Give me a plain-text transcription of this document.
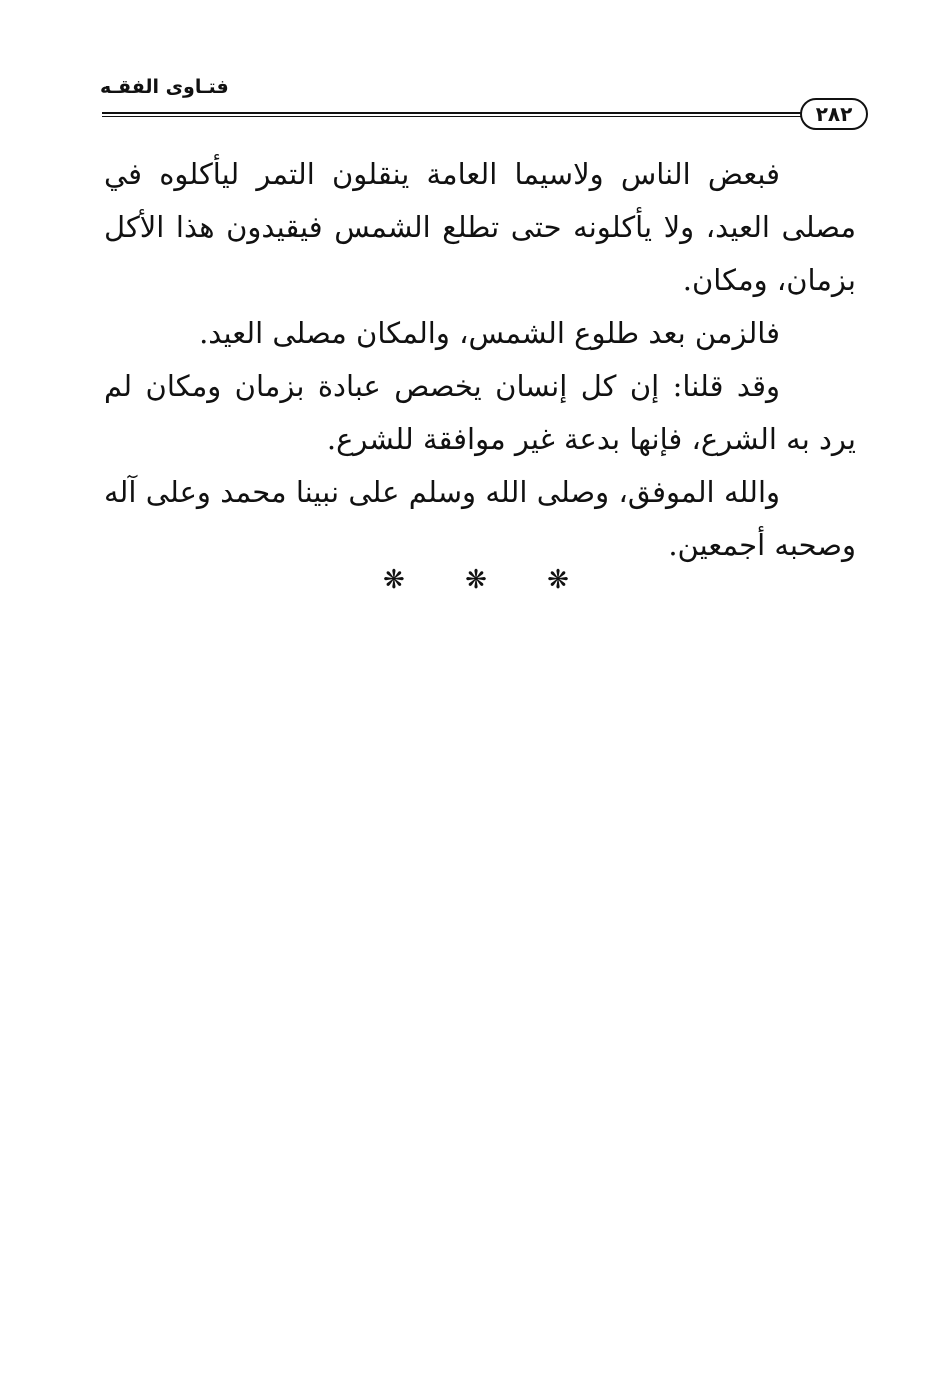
فتـاوى الفقـه
٢٨٢

فبعض الناس ولاسيما العامة ينقلون التمر ليأكلوه في مصلى العيد، ولا يأكلونه حتى تطلع الشمس فيقيدون هذا الأكل بزمان، ومكان.

فالزمن بعد طلوع الشمس، والمكان مصلى العيد.

وقد قلنا: إن كل إنسان يخصص عبادة بزمان ومكان لم يرد به الشرع، فإنها بدعة غير موافقة للشرع.

والله الموفق، وصلى الله وسلم على نبينا محمد وعلى آله وصحبه أجمعين.

❋ ❋ ❋
